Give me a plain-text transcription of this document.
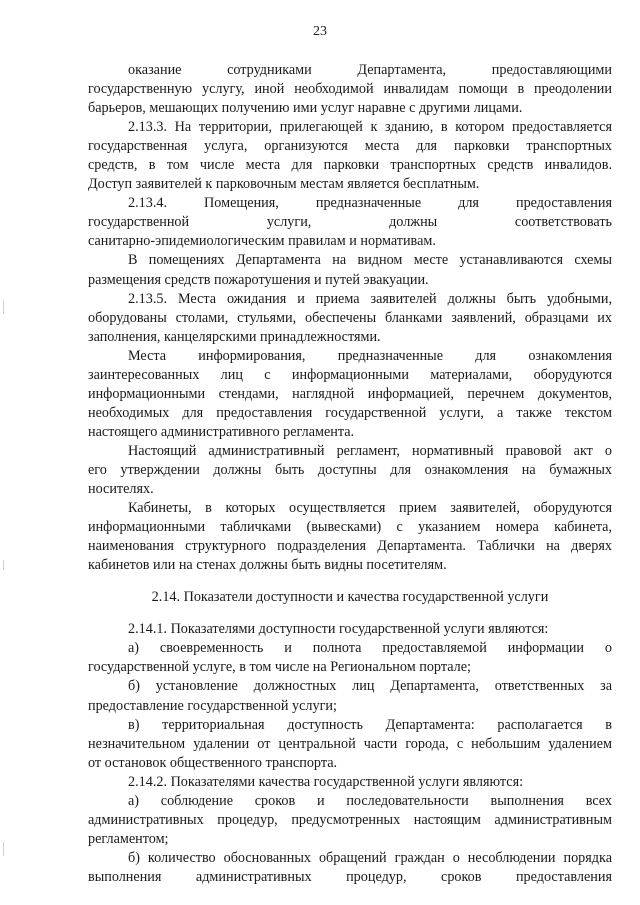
23
оказание сотрудниками Департамента, предоставляющими
государственную услугу, иной необходимой инвалидам помощи в преодолении
барьеров, мешающих получению ими услуг наравне с другими лицами.
2.13.3. На территории, прилегающей к зданию, в котором предоставляется
государственная услуга, организуются места для парковки транспортных
средств, в том числе места для парковки транспортных средств инвалидов.
Доступ заявителей к парковочным местам является бесплатным.
2.13.4. Помещения, предназначенные для предоставления
государственной услуги, должны соответствовать
санитарно-эпидемиологическим правилам и нормативам.
В помещениях Департамента на видном месте устанавливаются схемы
размещения средств пожаротушения и путей эвакуации.
2.13.5. Места ожидания и приема заявителей должны быть удобными,
оборудованы столами, стульями, обеспечены бланками заявлений, образцами их
заполнения, канцелярскими принадлежностями.
Места информирования, предназначенные для ознакомления
заинтересованных лиц с информационными материалами, оборудуются
информационными стендами, наглядной информацией, перечнем документов,
необходимых для предоставления государственной услуги, а также текстом
настоящего административного регламента.
Настоящий административный регламент, нормативный правовой акт о
его утверждении должны быть доступны для ознакомления на бумажных
носителях.
Кабинеты, в которых осуществляется прием заявителей, оборудуются
информационными табличками (вывесками) с указанием номера кабинета,
наименования структурного подразделения Департамента. Таблички на дверях
кабинетов или на стенах должны быть видны посетителям.
2.14. Показатели доступности и качества государственной услуги
2.14.1. Показателями доступности государственной услуги являются:
а) своевременность и полнота предоставляемой информации о
государственной услуге, в том числе на Региональном портале;
б) установление должностных лиц Департамента, ответственных за
предоставление государственной услуги;
в) территориальная доступность Департамента: располагается в
незначительном удалении от центральной части города, с небольшим удалением
от остановок общественного транспорта.
2.14.2. Показателями качества государственной услуги являются:
а) соблюдение сроков и последовательности выполнения всех
административных процедур, предусмотренных настоящим административным
регламентом;
б) количество обоснованных обращений граждан о несоблюдении порядка
выполнения административных процедур, сроков предоставления
